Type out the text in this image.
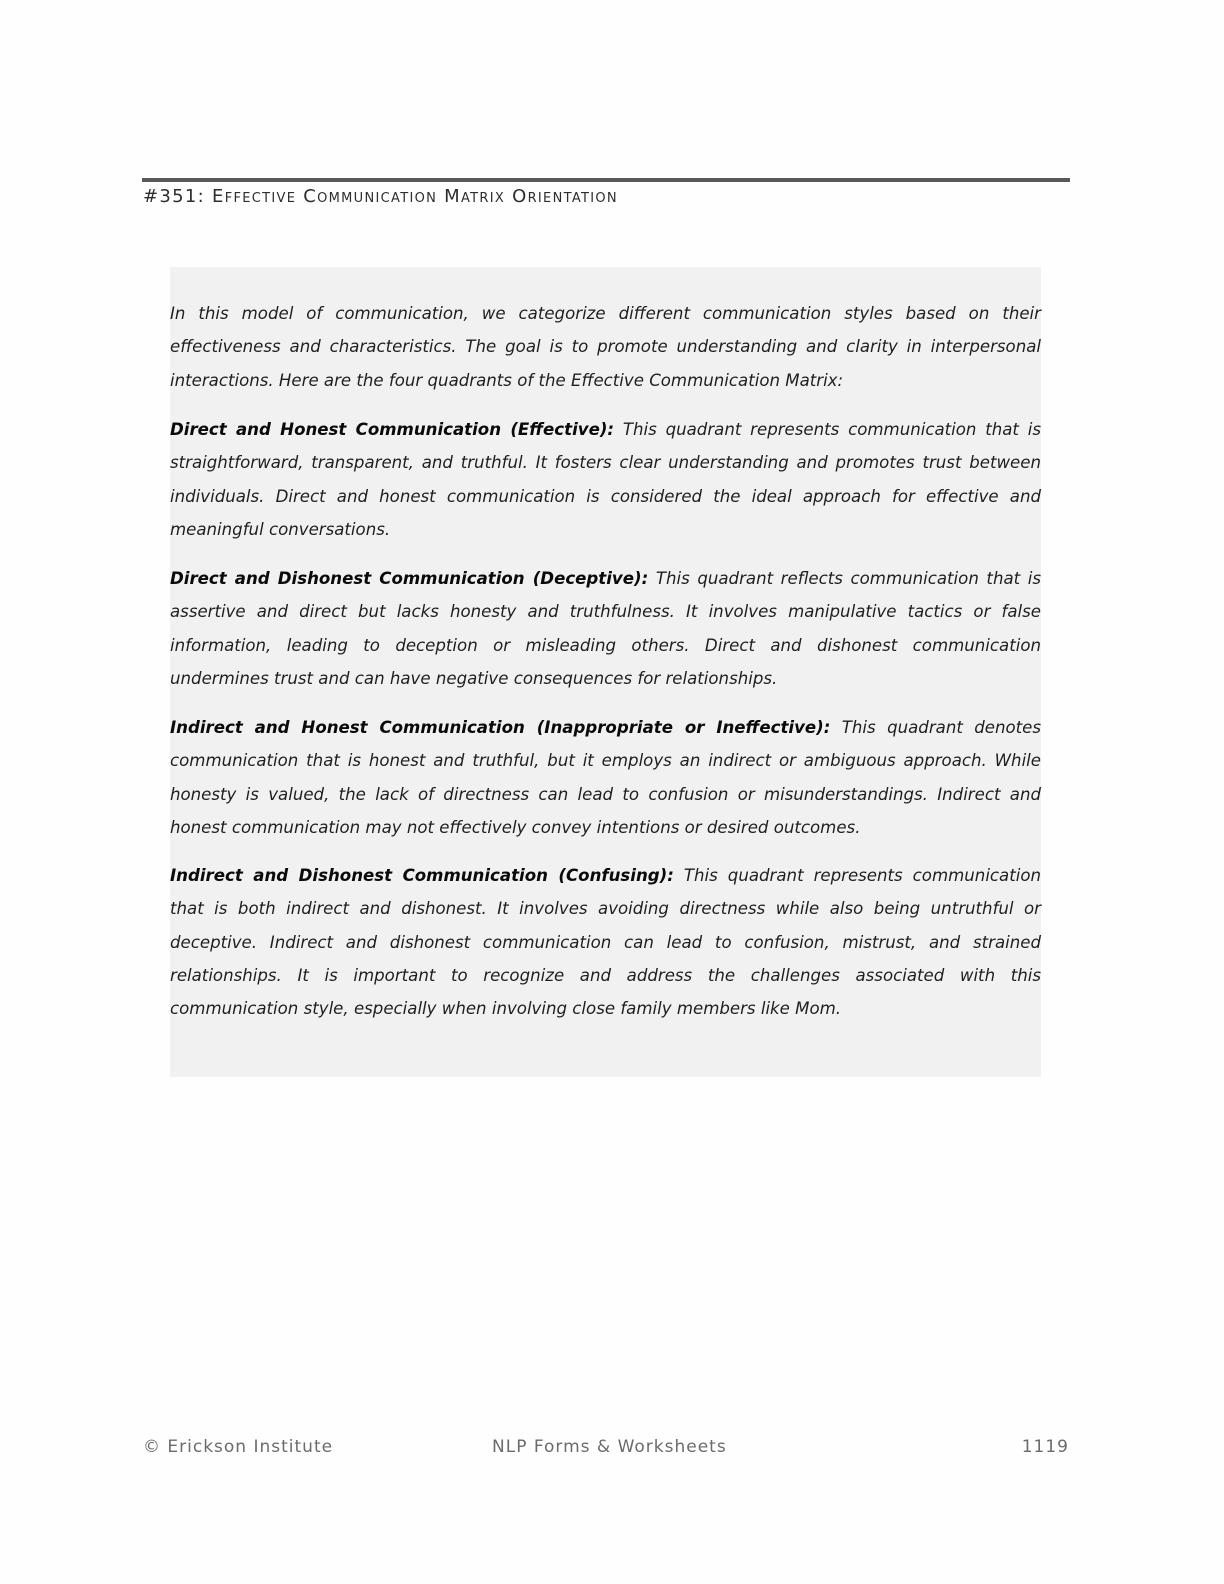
#351: Effective Communication Matrix Orientation

In this model of communication, we categorize different communication styles based on their effectiveness and characteristics. The goal is to promote understanding and clarity in interpersonal interactions. Here are the four quadrants of the Effective Communication Matrix:

Direct and Honest Communication (Effective): This quadrant represents communication that is straightforward, transparent, and truthful. It fosters clear understanding and promotes trust between individuals. Direct and honest communication is considered the ideal approach for effective and meaningful conversations.

Direct and Dishonest Communication (Deceptive): This quadrant reflects communication that is assertive and direct but lacks honesty and truthfulness. It involves manipulative tactics or false information, leading to deception or misleading others. Direct and dishonest communication undermines trust and can have negative consequences for relationships.

Indirect and Honest Communication (Inappropriate or Ineffective): This quadrant denotes communication that is honest and truthful, but it employs an indirect or ambiguous approach. While honesty is valued, the lack of directness can lead to confusion or misunderstandings. Indirect and honest communication may not effectively convey intentions or desired outcomes.

Indirect and Dishonest Communication (Confusing): This quadrant represents communication that is both indirect and dishonest. It involves avoiding directness while also being untruthful or deceptive. Indirect and dishonest communication can lead to confusion, mistrust, and strained relationships. It is important to recognize and address the challenges associated with this communication style, especially when involving close family members like Mom.

© Erickson Institute	NLP Forms & Worksheets	1119
